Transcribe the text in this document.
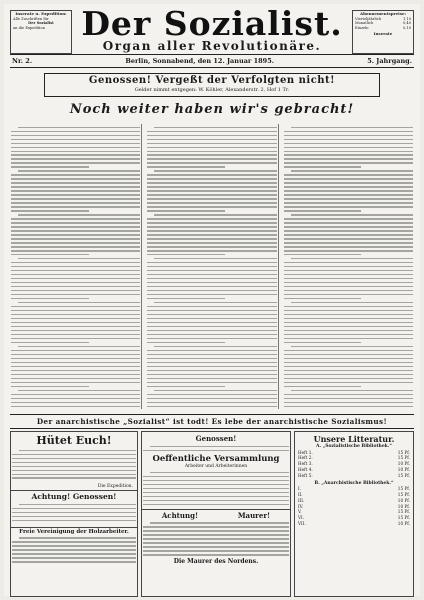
Inserate u. Expedition:
Alle Zuschriften für
Der Sozialist
an die Expedition	Der Sozialist.
Organ aller Revolutionäre.
Abonnementspreise:
Vierteljährlich	1,10
Monatlich	0,40
Einzeln	0,10
Inserate
Nr. 2.	Berlin, Sonnabend, den 12. Januar 1895.	5. Jahrgang.
Genossen! Vergeßt der Verfolgten nicht!
Gelder nimmt entgegen: W. Köhler, Alexanderstr. 2, Hof 1 Tr.
Noch weiter haben wir's gebracht!
Der anarchistische „Sozialist“ ist todt! Es lebe der anarchistische Sozialismus!
Hütet Euch!
Die Expedition.
Achtung! Genossen!
Freie Vereinigung der Holzarbeiter.
Genossen!
Oeffentliche Versammlung
Arbeiter und Arbeiterinnen
Achtung!	Maurer!
Die Maurer des Nordens.
Unsere Litteratur.
A. „Sozialistische Bibliothek.“
Heft 1.	15 Pf.
Heft 2.	15 Pf.
Heft 3.	10 Pf.
Heft 4.	10 Pf.
Heft 5.	15 Pf.
B. „Anarchistische Bibliothek.“
I.	15 Pf.
II.	15 Pf.
III.	10 Pf.
IV.	10 Pf.
V.	15 Pf.
VI.	15 Pf.
VII.	10 Pf.
